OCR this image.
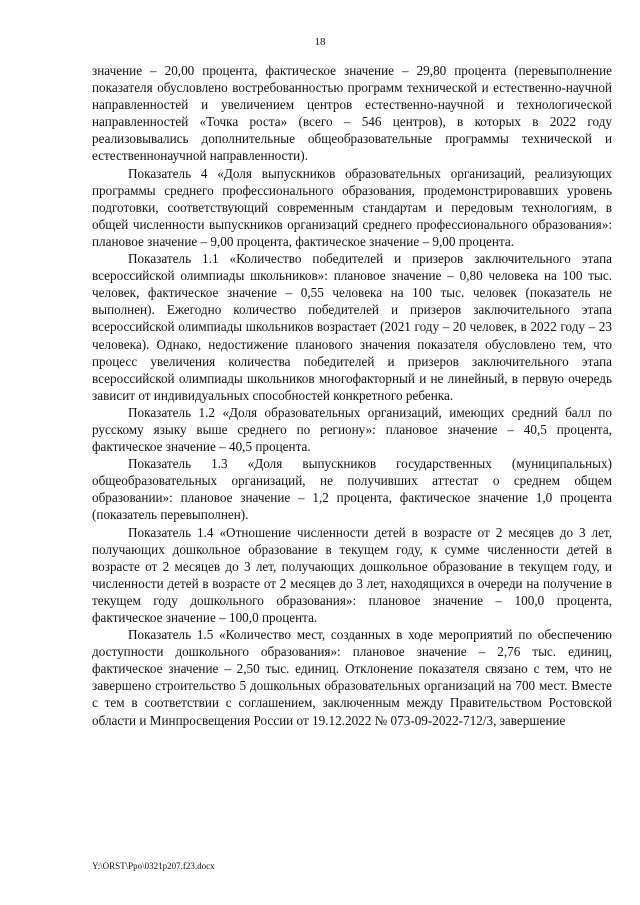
18

значение – 20,00 процента, фактическое значение – 29,80 процента (перевыполнение показателя обусловлено востребованностью программ технической и естественно-научной направленностей и увеличением центров естественно-научной и технологической направленностей «Точка роста» (всего – 546 центров), в которых в 2022 году реализовывались дополнительные общеобразовательные программы технической и естественнонаучной направленности).

Показатель 4 «Доля выпускников образовательных организаций, реализующих программы среднего профессионального образования, продемонстрировавших уровень подготовки, соответствующий современным стандартам и передовым технологиям, в общей численности выпускников организаций среднего профессионального образования»: плановое значение – 9,00 процента, фактическое значение – 9,00 процента.

Показатель 1.1 «Количество победителей и призеров заключительного этапа всероссийской олимпиады школьников»: плановое значение – 0,80 человека на 100 тыс. человек, фактическое значение – 0,55 человека на 100 тыс. человек (показатель не выполнен). Ежегодно количество победителей и призеров заключительного этапа всероссийской олимпиады школьников возрастает (2021 году – 20 человек, в 2022 году – 23 человека). Однако, недостижение планового значения показателя обусловлено тем, что процесс увеличения количества победителей и призеров заключительного этапа всероссийской олимпиады школьников многофакторный и не линейный, в первую очередь зависит от индивидуальных способностей конкретного ребенка.

Показатель 1.2 «Доля образовательных организаций, имеющих средний балл по русскому языку выше среднего по региону»: плановое значение – 40,5 процента, фактическое значение – 40,5 процента.

Показатель 1.3 «Доля выпускников государственных (муниципальных) общеобразовательных организаций, не получивших аттестат о среднем общем образовании»: плановое значение – 1,2 процента, фактическое значение 1,0 процента (показатель перевыполнен).

Показатель 1.4 «Отношение численности детей в возрасте от 2 месяцев до 3 лет, получающих дошкольное образование в текущем году, к сумме численности детей в возрасте от 2 месяцев до 3 лет, получающих дошкольное образование в текущем году, и численности детей в возрасте от 2 месяцев до 3 лет, находящихся в очереди на получение в текущем году дошкольного образования»: плановое значение – 100,0 процента, фактическое значение – 100,0 процента.

Показатель 1.5 «Количество мест, созданных в ходе мероприятий по обеспечению доступности дошкольного образования»: плановое значение – 2,76 тыс. единиц, фактическое значение – 2,50 тыс. единиц. Отклонение показателя связано с тем, что не завершено строительство 5 дошкольных образовательных организаций на 700 мест. Вместе с тем в соответствии с соглашением, заключенным между Правительством Ростовской области и Минпросвещения России от 19.12.2022 № 073-09-2022-712/3, завершение

Y:\ORST\Ppo\0321p207.f23.docx
